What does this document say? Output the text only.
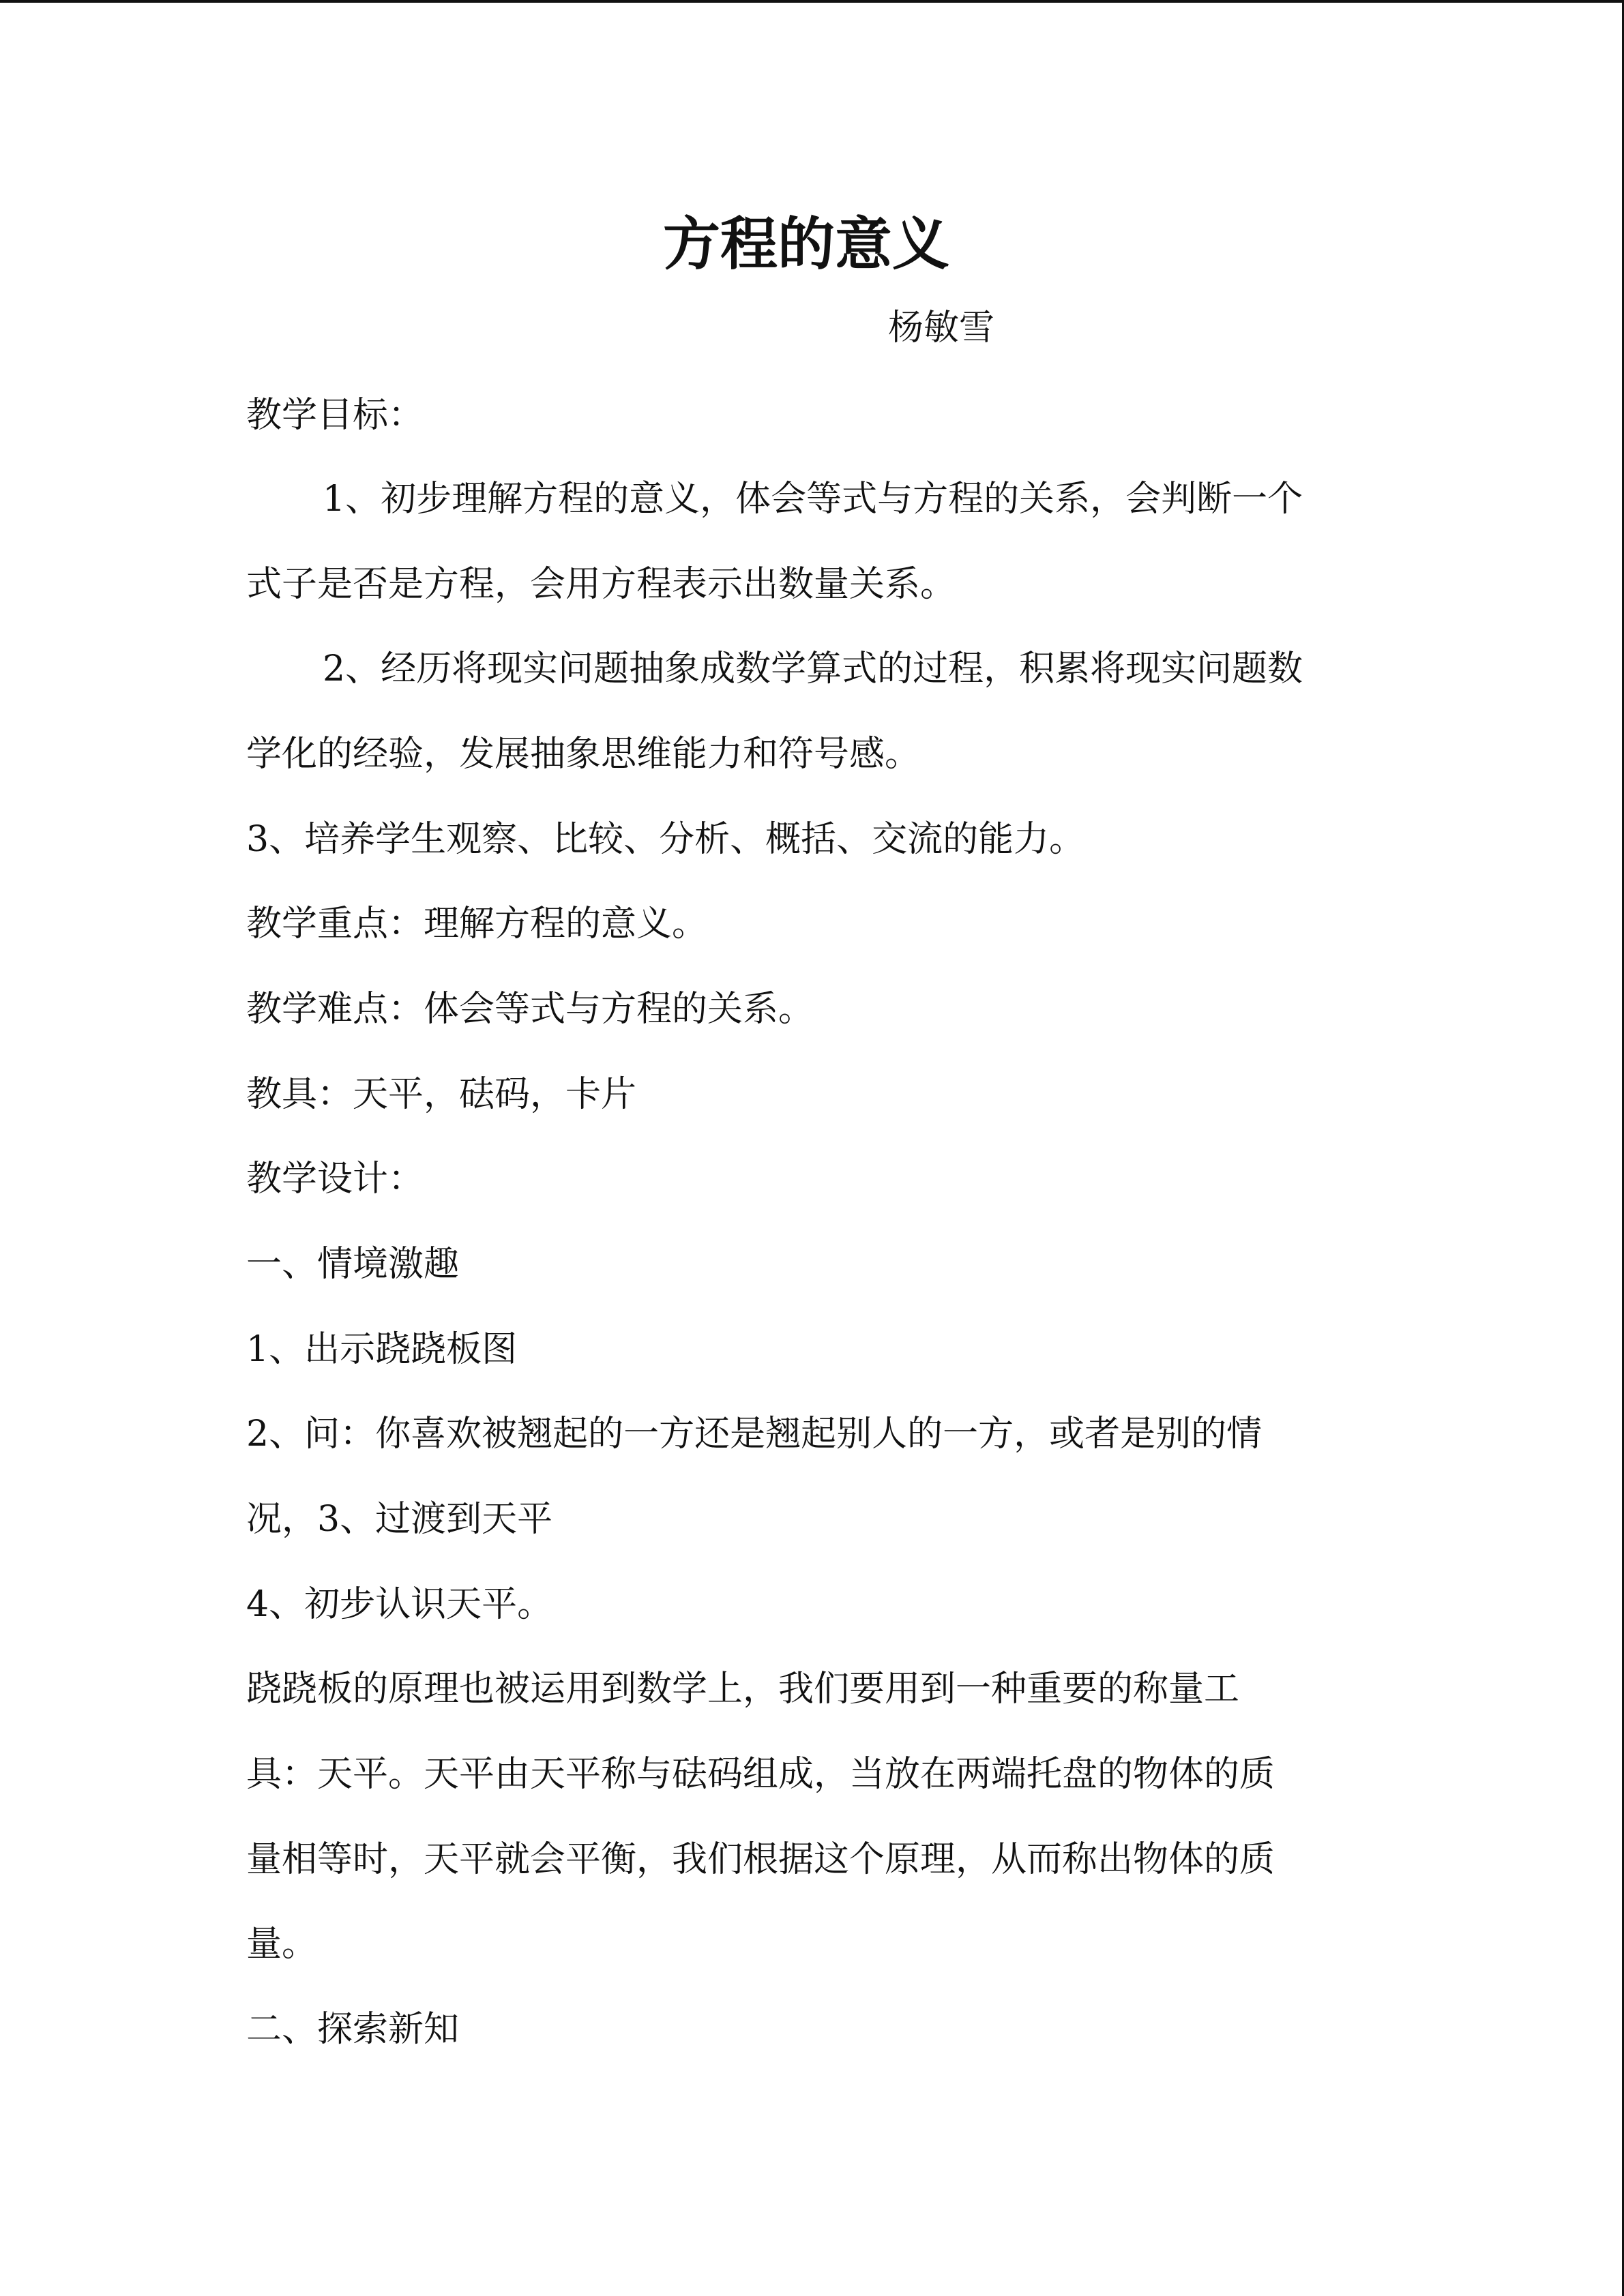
方程的意义

杨敏雪

教学目标：

1、初步理解方程的意义，体会等式与方程的关系，会判断一个

式子是否是方程，会用方程表示出数量关系。

2、经历将现实问题抽象成数学算式的过程，积累将现实问题数

学化的经验，发展抽象思维能力和符号感。

3、培养学生观察、比较、分析、概括、交流的能力。

教学重点：理解方程的意义。

教学难点：体会等式与方程的关系。

教具：天平，砝码，卡片

教学设计：

一、情境激趣

1、出示跷跷板图

2、问：你喜欢被翘起的一方还是翘起别人的一方，或者是别的情

况，3、过渡到天平

4、初步认识天平。

跷跷板的原理也被运用到数学上，我们要用到一种重要的称量工

具：天平。天平由天平称与砝码组成，当放在两端托盘的物体的质

量相等时，天平就会平衡，我们根据这个原理，从而称出物体的质

量。

二、探索新知
